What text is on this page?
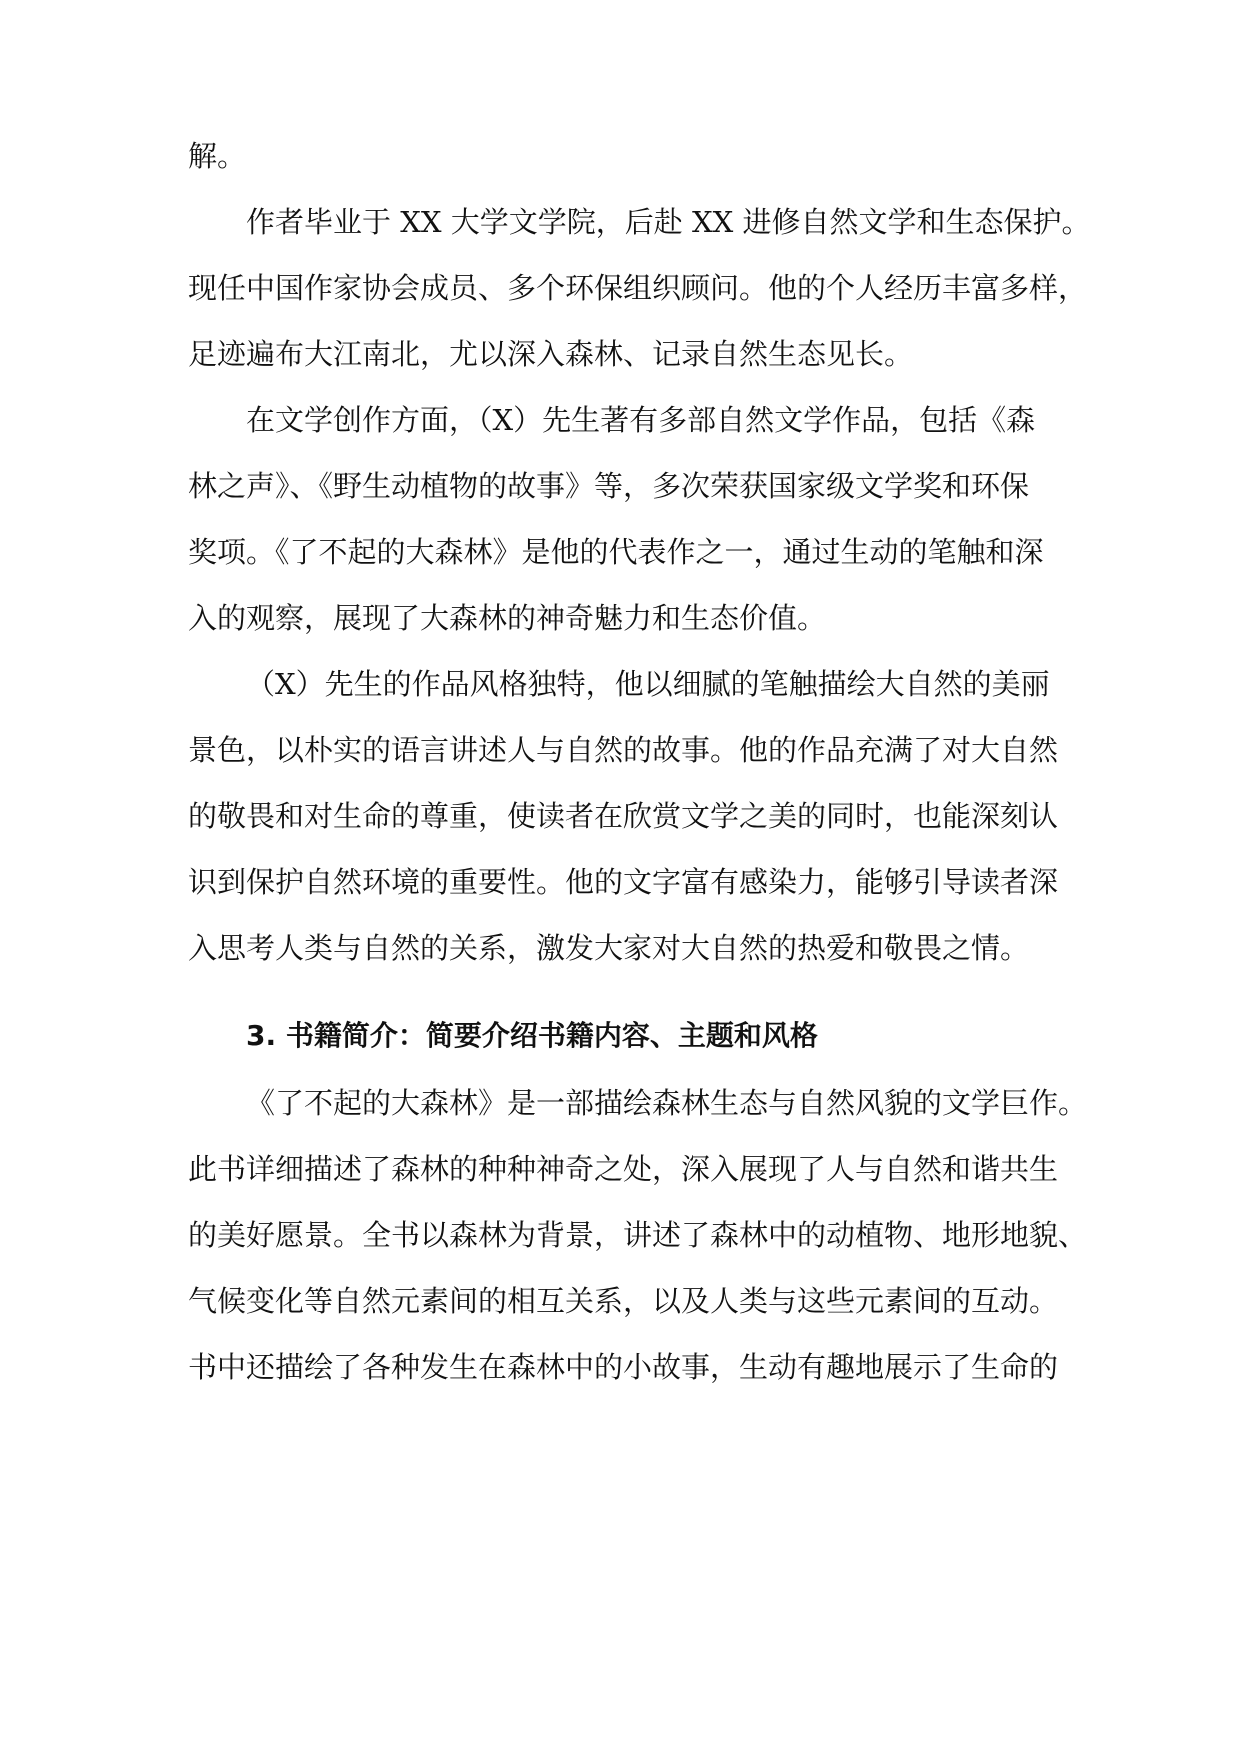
解。
作者毕业于 XX 大学文学院，后赴 XX 进修自然文学和生态保护。
现任中国作家协会成员、多个环保组织顾问。他的个人经历丰富多样，
足迹遍布大江南北，尤以深入森林、记录自然生态见长。
在文学创作方面，（X）先生著有多部自然文学作品，包括《森
林之声》、《野生动植物的故事》等，多次荣获国家级文学奖和环保
奖项。《了不起的大森林》是他的代表作之一，通过生动的笔触和深
入的观察，展现了大森林的神奇魅力和生态价值。
（X）先生的作品风格独特，他以细腻的笔触描绘大自然的美丽
景色，以朴实的语言讲述人与自然的故事。他的作品充满了对大自然
的敬畏和对生命的尊重，使读者在欣赏文学之美的同时，也能深刻认
识到保护自然环境的重要性。他的文字富有感染力，能够引导读者深
入思考人类与自然的关系，激发大家对大自然的热爱和敬畏之情。
3. 书籍简介：简要介绍书籍内容、主题和风格
《了不起的大森林》是一部描绘森林生态与自然风貌的文学巨作。
此书详细描述了森林的种种神奇之处，深入展现了人与自然和谐共生
的美好愿景。全书以森林为背景，讲述了森林中的动植物、地形地貌、
气候变化等自然元素间的相互关系，以及人类与这些元素间的互动。
书中还描绘了各种发生在森林中的小故事，生动有趣地展示了生命的
